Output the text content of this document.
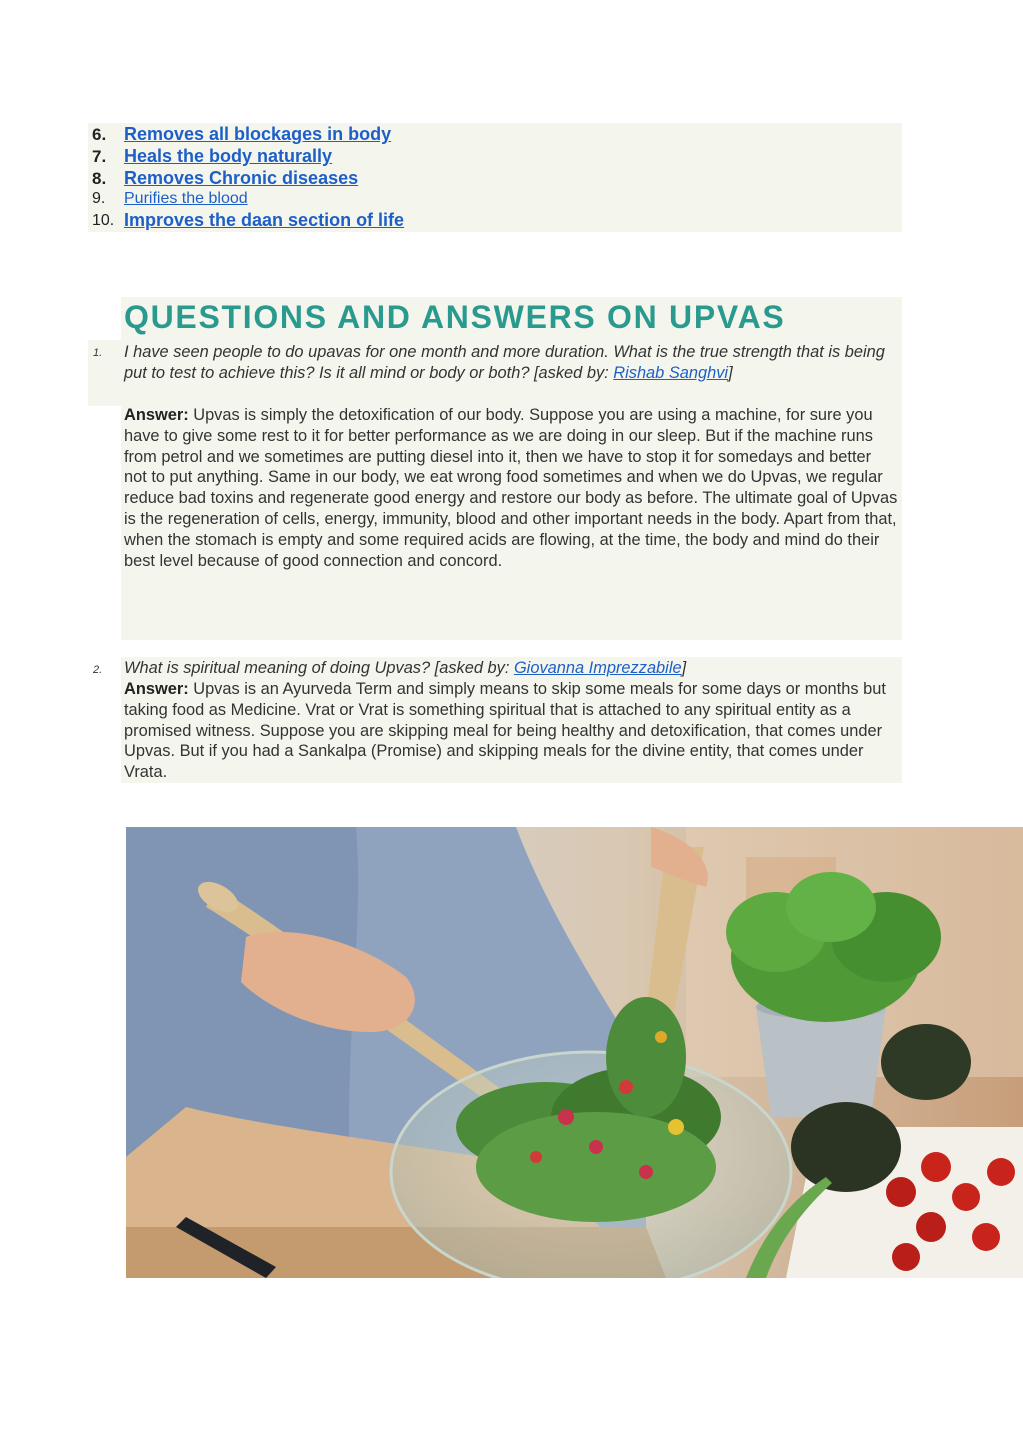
6. Removes all blockages in body
7. Heals the body naturally
8. Removes Chronic diseases
9. Purifies the blood
10. Improves the daan section of life
QUESTIONS AND ANSWERS ON UPVAS
1. I have seen people to do upavas for one month and more duration. What is the true strength that is being put to test to achieve this? Is it all mind or body or both? [asked by: Rishab Sanghvi]
Answer: Upvas is simply the detoxification of our body. Suppose you are using a machine, for sure you have to give some rest to it for better performance as we are doing in our sleep. But if the machine runs from petrol and we sometimes are putting diesel into it, then we have to stop it for somedays and better not to put anything. Same in our body, we eat wrong food sometimes and when we do Upvas, we regular reduce bad toxins and regenerate good energy and restore our body as before. The ultimate goal of Upvas is the regeneration of cells, energy, immunity, blood and other important needs in the body. Apart from that, when the stomach is empty and some required acids are flowing, at the time, the body and mind do their best level because of good connection and concord.
2. What is spiritual meaning of doing Upvas? [asked by: Giovanna Imprezzabile]
Answer: Upvas is an Ayurveda Term and simply means to skip some meals for some days or months but taking food as Medicine. Vrat or Vrat is something spiritual that is attached to any spiritual entity as a promised witness. Suppose you are skipping meal for being healthy and detoxification, that comes under Upvas. But if you had a Sankalpa (Promise) and skipping meals for the divine entity, that comes under Vrata.
